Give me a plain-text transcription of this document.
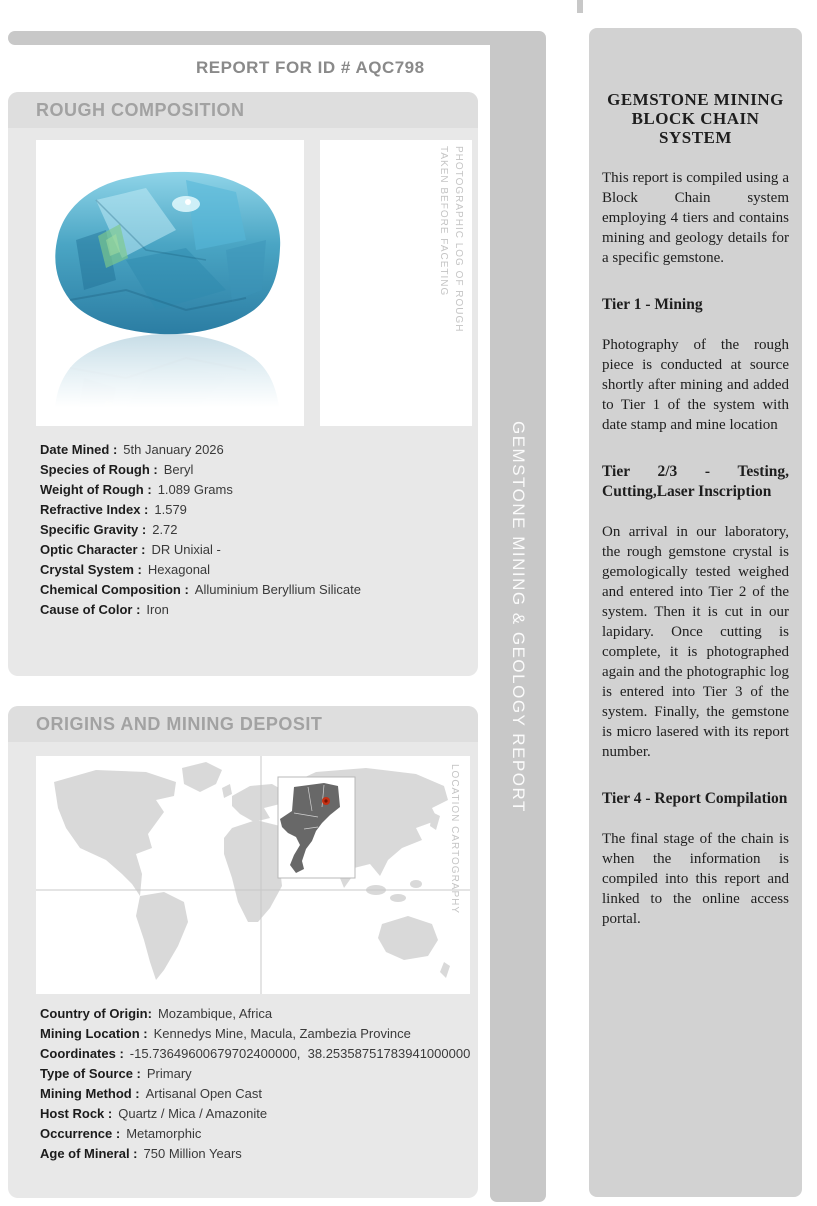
GEMSTONE MINING & GEOLOGY REPORT
REPORT FOR ID # AQC798
ROUGH COMPOSITION
PHOTOGRAPHIC LOG OF ROUGH
TAKEN BEFORE FACETING
Date Mined : 5th January 2026
Species of Rough : Beryl
Weight of Rough : 1.089 Grams
Refractive Index : 1.579
Specific Gravity : 2.72
Optic Character : DR Unixial -
Crystal System : Hexagonal
Chemical Composition : Alluminium Beryllium Silicate
Cause of Color : Iron
ORIGINS AND MINING DEPOSIT
LOCATION CARTOGRAPHY
Country of Origin: Mozambique, Africa
Mining Location : Kennedys Mine, Macula, Zambezia Province
Coordinates : -15.73649600679702400000,  38.25358751783941000000
Type of Source : Primary
Mining Method : Artisanal Open Cast
Host Rock : Quartz / Mica / Amazonite
Occurrence : Metamorphic
Age of Mineral : 750 Million Years
GEMSTONE MINING BLOCK CHAIN SYSTEM
This report is compiled using a Block Chain system employing 4 tiers and contains mining and geology details for a specific gemstone.
Tier 1 - Mining
Photography of the rough piece is conducted at source shortly after mining and added to Tier 1 of the system with date stamp and mine location
Tier 2/3 - Testing, Cutting,Laser Inscription
On arrival in our laboratory, the rough gemstone crystal is gemologically tested weighed and entered into Tier 2 of the system. Then it is cut in our lapidary. Once cutting is complete, it is photographed again and the photographic log is entered into Tier 3 of the system. Finally, the gemstone is micro lasered with its report number.
Tier 4 - Report Compilation
The final stage of the chain is when the information is compiled into this report and linked to the online access portal.
